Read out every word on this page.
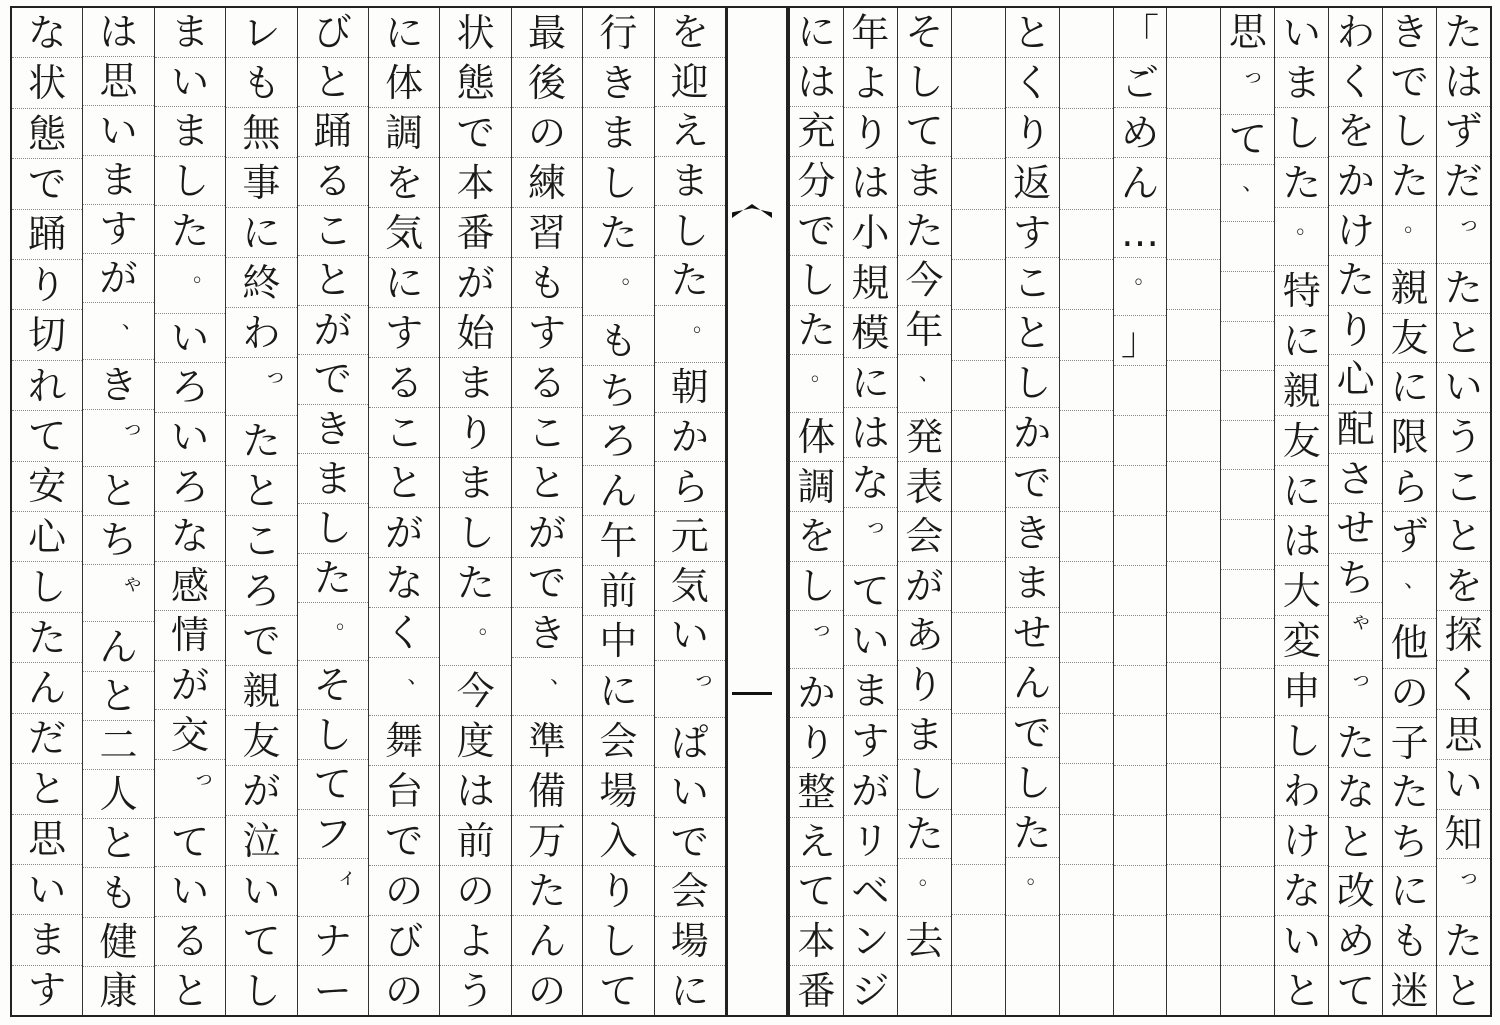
を
迎
え
ま
し
た
。
朝
か
ら
元
気
い
っ
ぱ
い
で
会
場
に
行
き
ま
し
た
。
も
ち
ろ
ん
午
前
中
に
会
場
入
り
し
て
最
後
の
練
習
も
す
る
こ
と
が
で
き
、
準
備
万
た
ん
の
状
態
で
本
番
が
始
ま
り
ま
し
た
。
今
度
は
前
の
よ
う
に
体
調
を
気
に
す
る
こ
と
が
な
く
、
舞
台
で
の
び
の
び
と
踊
る
こ
と
が
で
き
ま
し
た
。
そ
し
て
フ
ィ
ナ
ー
レ
も
無
事
に
終
わ
っ
た
と
こ
ろ
で
親
友
が
泣
い
て
し
ま
い
ま
し
た
。
い
ろ
い
ろ
な
感
情
が
交
っ
て
い
る
と
は
思
い
ま
す
が
、
き
っ
と
ち
ゃ
ん
と
二
人
と
も
健
康
な
状
態
で
踊
り
切
れ
て
安
心
し
た
ん
だ
と
思
い
ま
す
た
は
ず
だ
っ
た
と
い
う
こ
と
を
探
く
思
い
知
っ
た
と
き
で
し
た
。
親
友
に
限
ら
ず
、
他
の
子
た
ち
に
も
迷
わ
く
を
か
け
た
り
心
配
さ
せ
ち
ゃ
っ
た
な
と
改
め
て
い
ま
し
た
。
特
に
親
友
に
は
大
変
申
し
わ
け
な
い
と
思
っ
て
、
「
ご
め
ん
…
。
」
と
く
り
返
す
こ
と
し
か
で
き
ま
せ
ん
で
し
た
。
そ
し
て
ま
た
今
年
、
発
表
会
が
あ
り
ま
し
た
。
去
年
よ
り
は
小
規
模
に
は
な
っ
て
い
ま
す
が
リ
ベ
ン
ジ
に
は
充
分
で
し
た
。
体
調
を
し
っ
か
り
整
え
て
本
番
